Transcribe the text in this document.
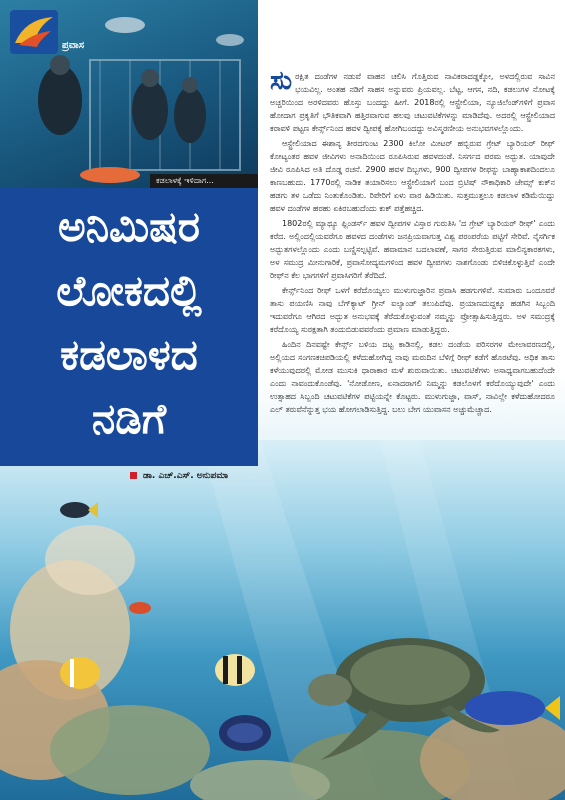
ಪ್ರವಾಸ
ಕಡಲಾಳಕ್ಕೆ ಇಳಿದಾಗ...
ಅನಿಮಿಷರ
ಲೋಕದಲ್ಲಿ
ಕಡಲಾಳದ
ನಡಿಗೆ
ಡಾ. ಎಚ್.ಎಸ್. ಅನುಪಮಾ

ಸುರಕ್ಷಿತ ದಂಡೆಗಳ ನಡುವೆ ವಾಹನ ಚಲಿಸಿ ಗೊತ್ತಿರುವ ನಾವಿಕರಾದಡ್ಡಕ್ಕೋ, ಅಳದಲ್ಲಿರುವ ಸಾವಿನ ಭಯವಿಲ್ಲ. ಅಂತಹ ನಡಿಗೆ ಸಾಹಸ ಅನ್ನುವರು ಪ್ರಿಯವಲ್ಲ. ಬೆಟ್ಟ, ಆಗಸ, ನದಿ, ಕಡಲುಗಳ ನೋಟಕ್ಕೆ ಅಚ್ಚರಿಯಿಂದ ಅರಳಿದವರು ಹೊಸ್ತು ಬಂದದ್ದು ಹೀಗೆ. 2018ರಲ್ಲಿ ಆಸ್ಟ್ರೇಲಿಯಾ, ನ್ಯೂಜಿಲೆಂಡ್‌ಗಳಿಗೆ ಪ್ರವಾಸ ಹೋದಾಗ ಪ್ರಕೃತಿಗೆ ಭೌತಿಕವಾಗಿ ಹತ್ತಿರವಾಗುವ ಹಲವು ಚಟುವಟಿಕೆಗಳನ್ನು ಮಾಡಿದೆವು. ಅದರಲ್ಲಿ ಆಸ್ಟ್ರೇಲಿಯಾದ ಕರಾವಳಿ ಪಟ್ಟಣ ಕೇರ್ನ್ಸ್‌ನಿಂದ ಹವಳ ದ್ವೀಪಕ್ಕೆ ಹೋಗಿಬಂದದ್ದು ಅವಿಸ್ಮರಣೀಯ ಅನುಭವಗಳಲ್ಲೊಂದು.

ಆಸ್ಟ್ರೇಲಿಯಾದ ಈಶಾನ್ಯ ತೀರದಗುಂಟ 2300 ಕಿಲೋ ಮೀಟರ್ ಹಬ್ಬಿರುವ ಗ್ರೇಟ್ ಬ್ಯಾರಿಯರ್ ರೀಫ್ ಕೋಟ್ಯಂತರ ಹವಳ ಜೀವಿಗಳು ಅನಾದಿಯಿಂದ ರೂಪಿಸಿರುವ ಹವಳದಂಡೆ. ನಿಸರ್ಗದ ಪರಮ ಅದ್ಭುತ. ಯಾವುದೇ ಜೀವಿ ರೂಪಿಸಿದ ಅತಿ ದೊಡ್ಡ ರಚನೆ. 2900 ಹವಳ ದಿಬ್ಬಗಳು, 900 ದ್ವೀಪಗಳ ರೀಫನ್ನು ಬಾಹ್ಯಾಕಾಶದಿಂದಲೂ ಕಾಣಬಹುದು. 1770ರಲ್ಲಿ ನಾಡಿಕ ತಯಾರಿಸಲು ಆಸ್ಟ್ರೇಲಿಯಾಗೆ ಬಂದ ಬ್ರಿಟಿಷ್ ನೌಕಾಧಿಕಾರಿ ಜೇಮ್ಸ್ ಕುಕ್‌ನ ಹಡಗು ತಳ ಒಡೆದು ನಿಂತುಕೊಂಡಿತು. ರಿಪೇರಿಗೆ ಏಳು ವಾರ ಹಿಡಿಯಿತು. ಸುತ್ತಮುತ್ತಲೂ ಕಡಲಾಳ ಕಡಿಮೆಯಿದ್ದು ಹವಳ ದಂಡೆಗಳ ಹರಹು ಏಕಿರಬಹುದೆಂದು ಕುಕ್ ಪತ್ತೆಹಚ್ಚಿದ.

1802ರಲ್ಲಿ ಮ್ಯಾಥ್ಯೂ ಫ್ಲಿಂಡರ್ಸ್ ಹವಳ ದ್ವೀಪಗಳ ವಿಸ್ತಾರ ಗುರುತಿಸಿ 'ದ ಗ್ರೇಟ್ ಬ್ಯಾರಿಯರ್ ರೀಫ್' ಎಂದು ಕರೆದ. ಅಲ್ಲಿಂದಲ್ಲಿಯವರೆಗೂ ಹವಳದ ದಂಡೆಗಳು ಜನಪ್ರಿಯವಾಗುತ್ತ ವಿಶ್ವ ಪರಂಪರೆಯ ಪಟ್ಟಿಗೆ ಸೇರಿವೆ. ನೈಸರ್ಗಿಕ ಅದ್ಭುತಗಳಲ್ಲೊಂದು ಎಂದು ಬಣ್ಣಿಸಲ್ಪಟ್ಟಿವೆ. ಹವಾಮಾನ ಬದಲಾವಣೆ, ಸಾಗರ ಸೇರುತ್ತಿರುವ ಮಾಲಿನ್ಯಕಾರಕಗಳು, ಅಳ ಸಮುದ್ರ ಮೀನುಗಾರಿಕೆ, ಪ್ರವಾಸೋದ್ಯಮಗಳಿಂದ ಹವಳ ದ್ವೀಪಗಳು ನಾಶಗೊಂಡು ಬಿಳಿಚಿಕೊಳ್ಳುತ್ತಿವೆ ಎಂದೇ ರೀಫ್‌ನ ಕೆಲ ಭಾಗಗಳಿಗೆ ಪ್ರವಾಸಿಗರಿಗೆ ತೆರೆದಿದೆ.

ಕೇರ್ನ್ಸ್‌ನಿಂದ ರೀಫ್ ಒಳಗೆ ಕರೆದೊಯ್ಯಲು ಮುಳುಗುಜ್ಜಾರಿನ ಪ್ರವಾಸಿ ಹಡಗುಗಳಿವೆ. ಸುಮಾರು ಒಂದೂವರೆ ತಾಸು ಪಯಣಿಸಿ ನಾವು ಬೆಗ್‌ಕ್ಯಾಟ್ ಗ್ರೀನ್ ಐಲ್ಯಾಂಡ್ ತಲುಪಿದೆವು. ಪ್ರಯಾಣದುದ್ದಕ್ಕೂ ಹಡಗಿನ ಸಿಬ್ಬಂದಿ ಇದುವರೆಗೂ ಆಗಿರದ ಅದ್ಭುತ ಅನುಭವಕ್ಕೆ ತೆರೆದುಕೊಳ್ಳುವಂತೆ ನಮ್ಮನ್ನು ಪ್ರೋತ್ಸಾಹಿಸುತ್ತಿದ್ದರು. ಅಳ ಸಮುದ್ರಕ್ಕೆ ಕರೆದೊಯ್ಯ ಸುರಕ್ಷತಾಗಿ ತಂದುಬಿಡುವವರೆಂದು ಪ್ರಮಾಣ ಮಾಡುತ್ತಿದ್ದರು.

ಹಿಂದಿನ ದಿನವಷ್ಟೇ ಕೇರ್ನ್ಸ್ ಬಳಿಯ ದಟ್ಟ ಕಾಡಿನಲ್ಲಿ, ಕಡಲ ದಂಡೆಯ ಪರಿಸರಗಳ ಮೇಲಾವರಣದಲ್ಲಿ, ಅಲ್ಲಿಯದ ಸಂಗಣಕಚಿಪಡಿಯಲ್ಲಿ ಕಳೆದುಹೋಗಿದ್ದ ನಾವು ಮರುದಿನ ಬೆಳಿಗ್ಗೆ ರೀಫ್ ಕಡೆಗೆ ಹೊರಟೆವು. ಅಧಿಕ ತಾಸು ಕಳೆಯುವುದರಲ್ಲಿ ಮೋಡ ಮುಸುಕಿ ಧಾರಾಕಾರ ಮಳೆ ಶುರುವಾಯಿತು. ಚಟುವಟಿಕೆಗಳು ಅಸಾಧ್ಯವಾಗಬಹುದೆಂದೇ ಎಂದು ನಾವಂದುಕೊಂಡೆವು. 'ನೋಡೋಣ, ಏನಾದರಾಗಲಿ ನಿಮ್ಮನ್ನು ಕಡಲೊಳಗೆ ಕರೆದೊಯ್ಯುವುದೇ' ಎಂದು ಉತ್ಸಾಹದ ಸಿಬ್ಬಂದಿ ಚಟುವಟಿಕೆಗಳ ಪಟ್ಟಿಯನ್ನೇ ಕೊಟ್ಟರು. ಮುಳುಗುಜ್ಜಾ, ವಾಸ್, ನಾವಿಲ್ಲೇ ಕಳೆದುಹೋದರೂ ಎಲ್ ತರುವೆನೆನ್ನುತ್ತ ಭಯ ಹೋಗಲಾಡಿಸುತ್ತಿದ್ದ. ಬಲು ಬೇಗ ಯುವಾಸನ ಅಚ್ಚುಮೆಚ್ಚಾದ.
